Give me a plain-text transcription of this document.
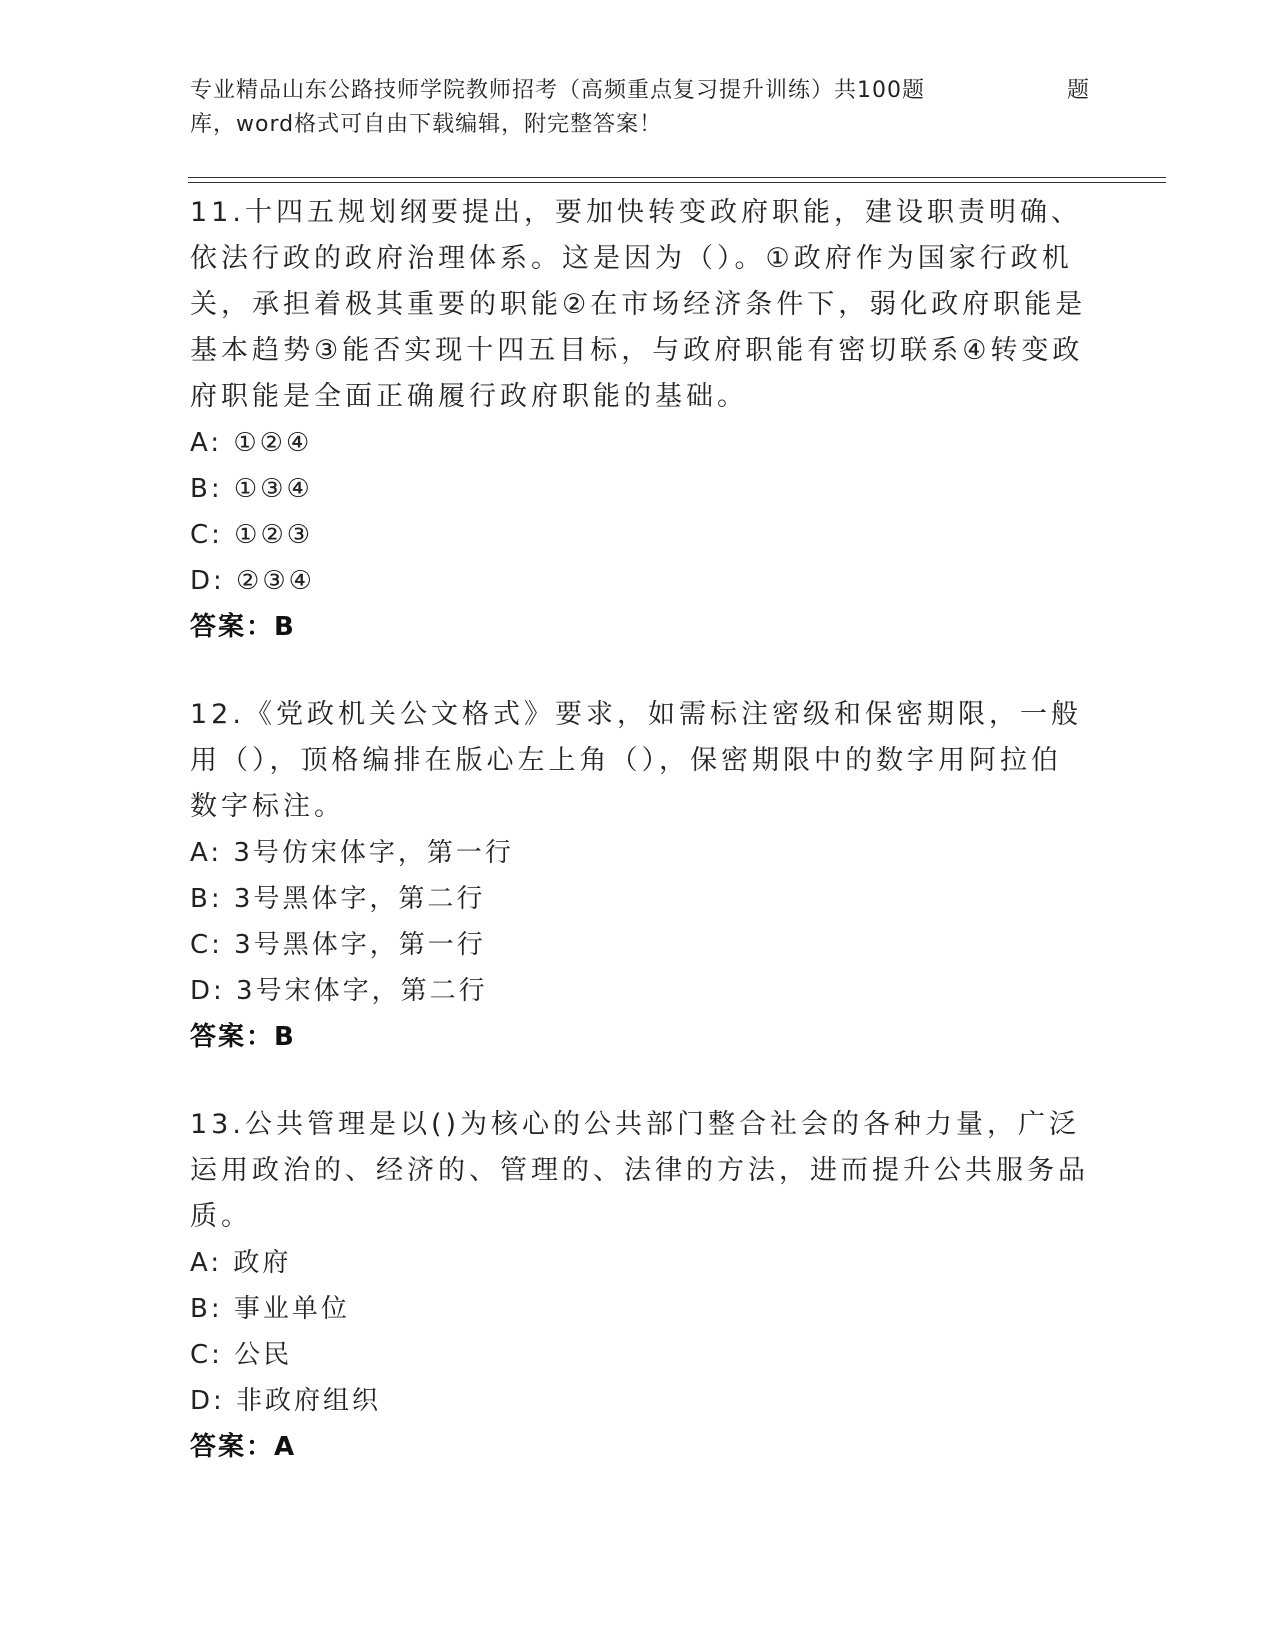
专业精品山东公路技师学院教师招考（高频重点复习提升训练）共100题	题
库，word格式可自由下载编辑，附完整答案！

11.十四五规划纲要提出，要加快转变政府职能，建设职责明确、依法行政的政府治理体系。这是因为（）。①政府作为国家行政机关，承担着极其重要的职能②在市场经济条件下，弱化政府职能是基本趋势③能否实现十四五目标，与政府职能有密切联系④转变政府职能是全面正确履行政府职能的基础。

A: ①②④

B: ①③④

C: ①②③

D: ②③④

答案：B

12.《党政机关公文格式》要求，如需标注密级和保密期限，一般用（），顶格编排在版心左上角（），保密期限中的数字用阿拉伯数字标注。

A: 3号仿宋体字，第一行

B: 3号黑体字，第二行

C: 3号黑体字，第一行

D: 3号宋体字，第二行

答案：B

13.公共管理是以()为核心的公共部门整合社会的各种力量，广泛运用政治的、经济的、管理的、法律的方法，进而提升公共服务品质。

A: 政府

B: 事业单位

C: 公民

D: 非政府组织

答案：A
